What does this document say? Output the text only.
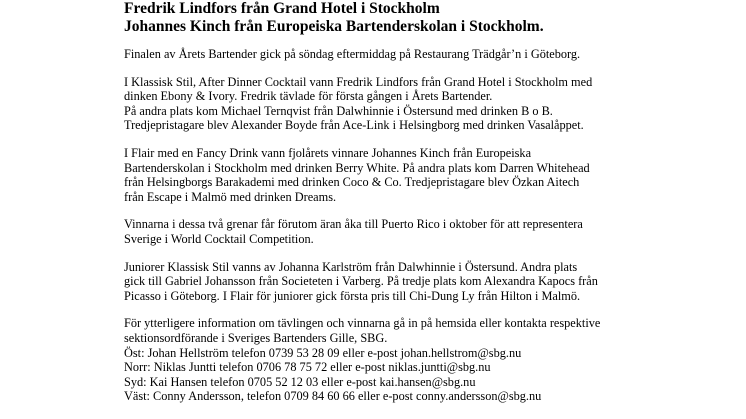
Fredrik Lindfors från Grand Hotel i Stockholm
Johannes Kinch från Europeiska Bartenderskolan i Stockholm.
Finalen av Årets Bartender gick på söndag eftermiddag på Restaurang Trädgår’n i Göteborg.
I Klassisk Stil, After Dinner Cocktail vann Fredrik Lindfors från Grand Hotel i Stockholm med
dinken Ebony & Ivory. Fredrik tävlade för första gången i Årets Bartender.
På andra plats kom Michael Ternqvist från Dalwhinnie i Östersund med drinken B o B.
Tredjepristagare blev Alexander Boyde från Ace-Link i Helsingborg med drinken Vasalåppet.
I Flair med en Fancy Drink vann fjolårets vinnare Johannes Kinch från Europeiska
Bartenderskolan i Stockholm med drinken Berry White. På andra plats kom Darren Whitehead
från Helsingborgs Barakademi med drinken Coco & Co. Tredjepristagare blev Özkan Aitech
från Escape i Malmö med drinken Dreams.
Vinnarna i dessa två grenar får förutom äran åka till Puerto Rico i oktober för att representera
Sverige i World Cocktail Competition.
Juniorer Klassisk Stil vanns av Johanna Karlström från Dalwhinnie i Östersund. Andra plats
gick till Gabriel Johansson från Societeten i Varberg. På tredje plats kom Alexandra Kapocs från
Picasso i Göteborg. I Flair för juniorer gick första pris till Chi-Dung Ly från Hilton i Malmö.
För ytterligere information om tävlingen och vinnarna gå in på hemsida eller kontakta respektive
sektionsordförande i Sveriges Bartenders Gille, SBG.
Öst: Johan Hellström telefon 0739 53 28 09 eller e-post johan.hellstrom@sbg.nu
Norr: Niklas Juntti telefon 0706 78 75 72 eller e-post niklas.juntti@sbg.nu
Syd: Kai Hansen telefon 0705 52 12 03 eller e-post kai.hansen@sbg.nu
Väst: Conny Andersson, telefon 0709 84 60 66 eller e-post conny.andersson@sbg.nu
